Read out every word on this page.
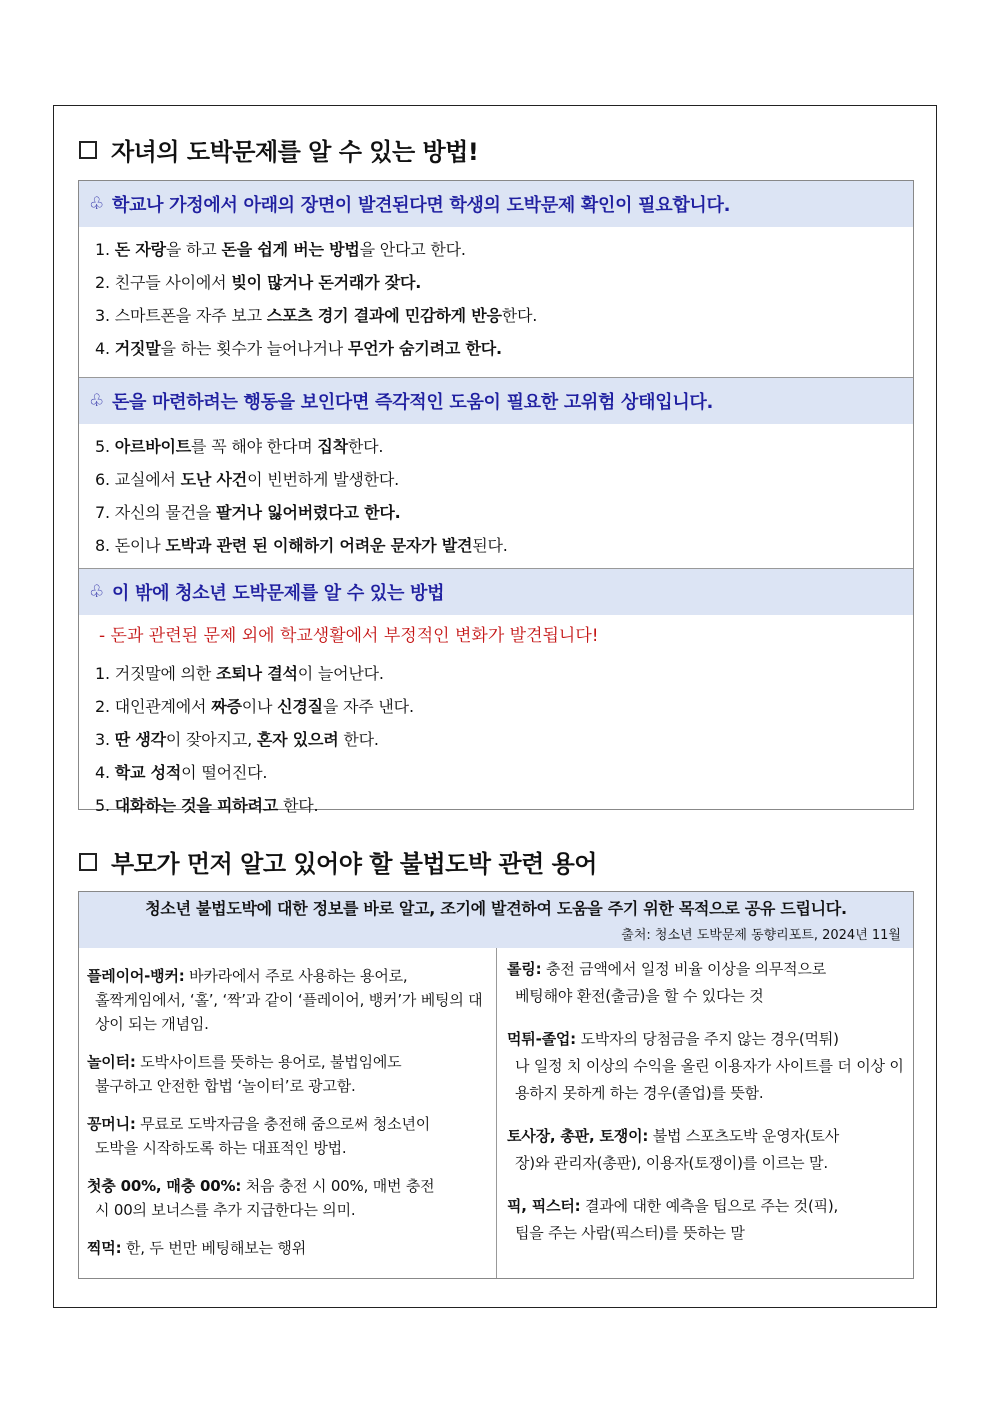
자녀의 도박문제를 알 수 있는 방법!
♧ 학교나 가정에서 아래의 장면이 발견된다면 학생의 도박문제 확인이 필요합니다.
1. 돈 자랑을 하고 돈을 쉽게 버는 방법을 안다고 한다.
2. 친구들 사이에서 빚이 많거나 돈거래가 잦다.
3. 스마트폰을 자주 보고 스포츠 경기 결과에 민감하게 반응한다.
4. 거짓말을 하는 횟수가 늘어나거나 무언가 숨기려고 한다.
♧ 돈을 마련하려는 행동을 보인다면 즉각적인 도움이 필요한 고위험 상태입니다.
5. 아르바이트를 꼭 해야 한다며 집착한다.
6. 교실에서 도난 사건이 빈번하게 발생한다.
7. 자신의 물건을 팔거나 잃어버렸다고 한다.
8. 돈이나 도박과 관련 된 이해하기 어려운 문자가 발견된다.
♧ 이 밖에 청소년 도박문제를 알 수 있는 방법
- 돈과 관련된 문제 외에 학교생활에서 부정적인 변화가 발견됩니다!
1. 거짓말에 의한 조퇴나 결석이 늘어난다.
2. 대인관계에서 짜증이나 신경질을 자주 낸다.
3. 딴 생각이 잦아지고, 혼자 있으려 한다.
4. 학교 성적이 떨어진다.
5. 대화하는 것을 피하려고 한다.
부모가 먼저 알고 있어야 할 불법도박 관련 용어
청소년 불법도박에 대한 정보를 바로 알고, 조기에 발견하여 도움을 주기 위한 목적으로 공유 드립니다.
출처: 청소년 도박문제 동향리포트, 2024년 11월
플레이어-뱅커: 바카라에서 주로 사용하는 용어로,
홀짝게임에서, ‘홀’, ‘짝’과 같이 ‘플레이어, 뱅커’가 베팅의 대상이 되는 개념임.
놀이터: 도박사이트를 뜻하는 용어로, 불법임에도
불구하고 안전한 합법 ‘놀이터’로 광고함.
꽁머니: 무료로 도박자금을 충전해 줌으로써 청소년이
도박을 시작하도록 하는 대표적인 방법.
첫충 00%, 매충 00%: 처음 충전 시 00%, 매번 충전
시 00의 보너스를 추가 지급한다는 의미.
찍먹: 한, 두 번만 베팅해보는 행위
롤링: 충전 금액에서 일정 비율 이상을 의무적으로
베팅해야 환전(출금)을 할 수 있다는 것
먹튀-졸업: 도박자의 당첨금을 주지 않는 경우(먹튀)
나 일정 치 이상의 수익을 올린 이용자가 사이트를 더 이상 이용하지 못하게 하는 경우(졸업)를 뜻함.
토사장, 총판, 토쟁이: 불법 스포츠도박 운영자(토사
장)와 관리자(총판), 이용자(토쟁이)를 이르는 말.
픽, 픽스터: 결과에 대한 예측을 팁으로 주는 것(픽),
팁을 주는 사람(픽스터)를 뜻하는 말
